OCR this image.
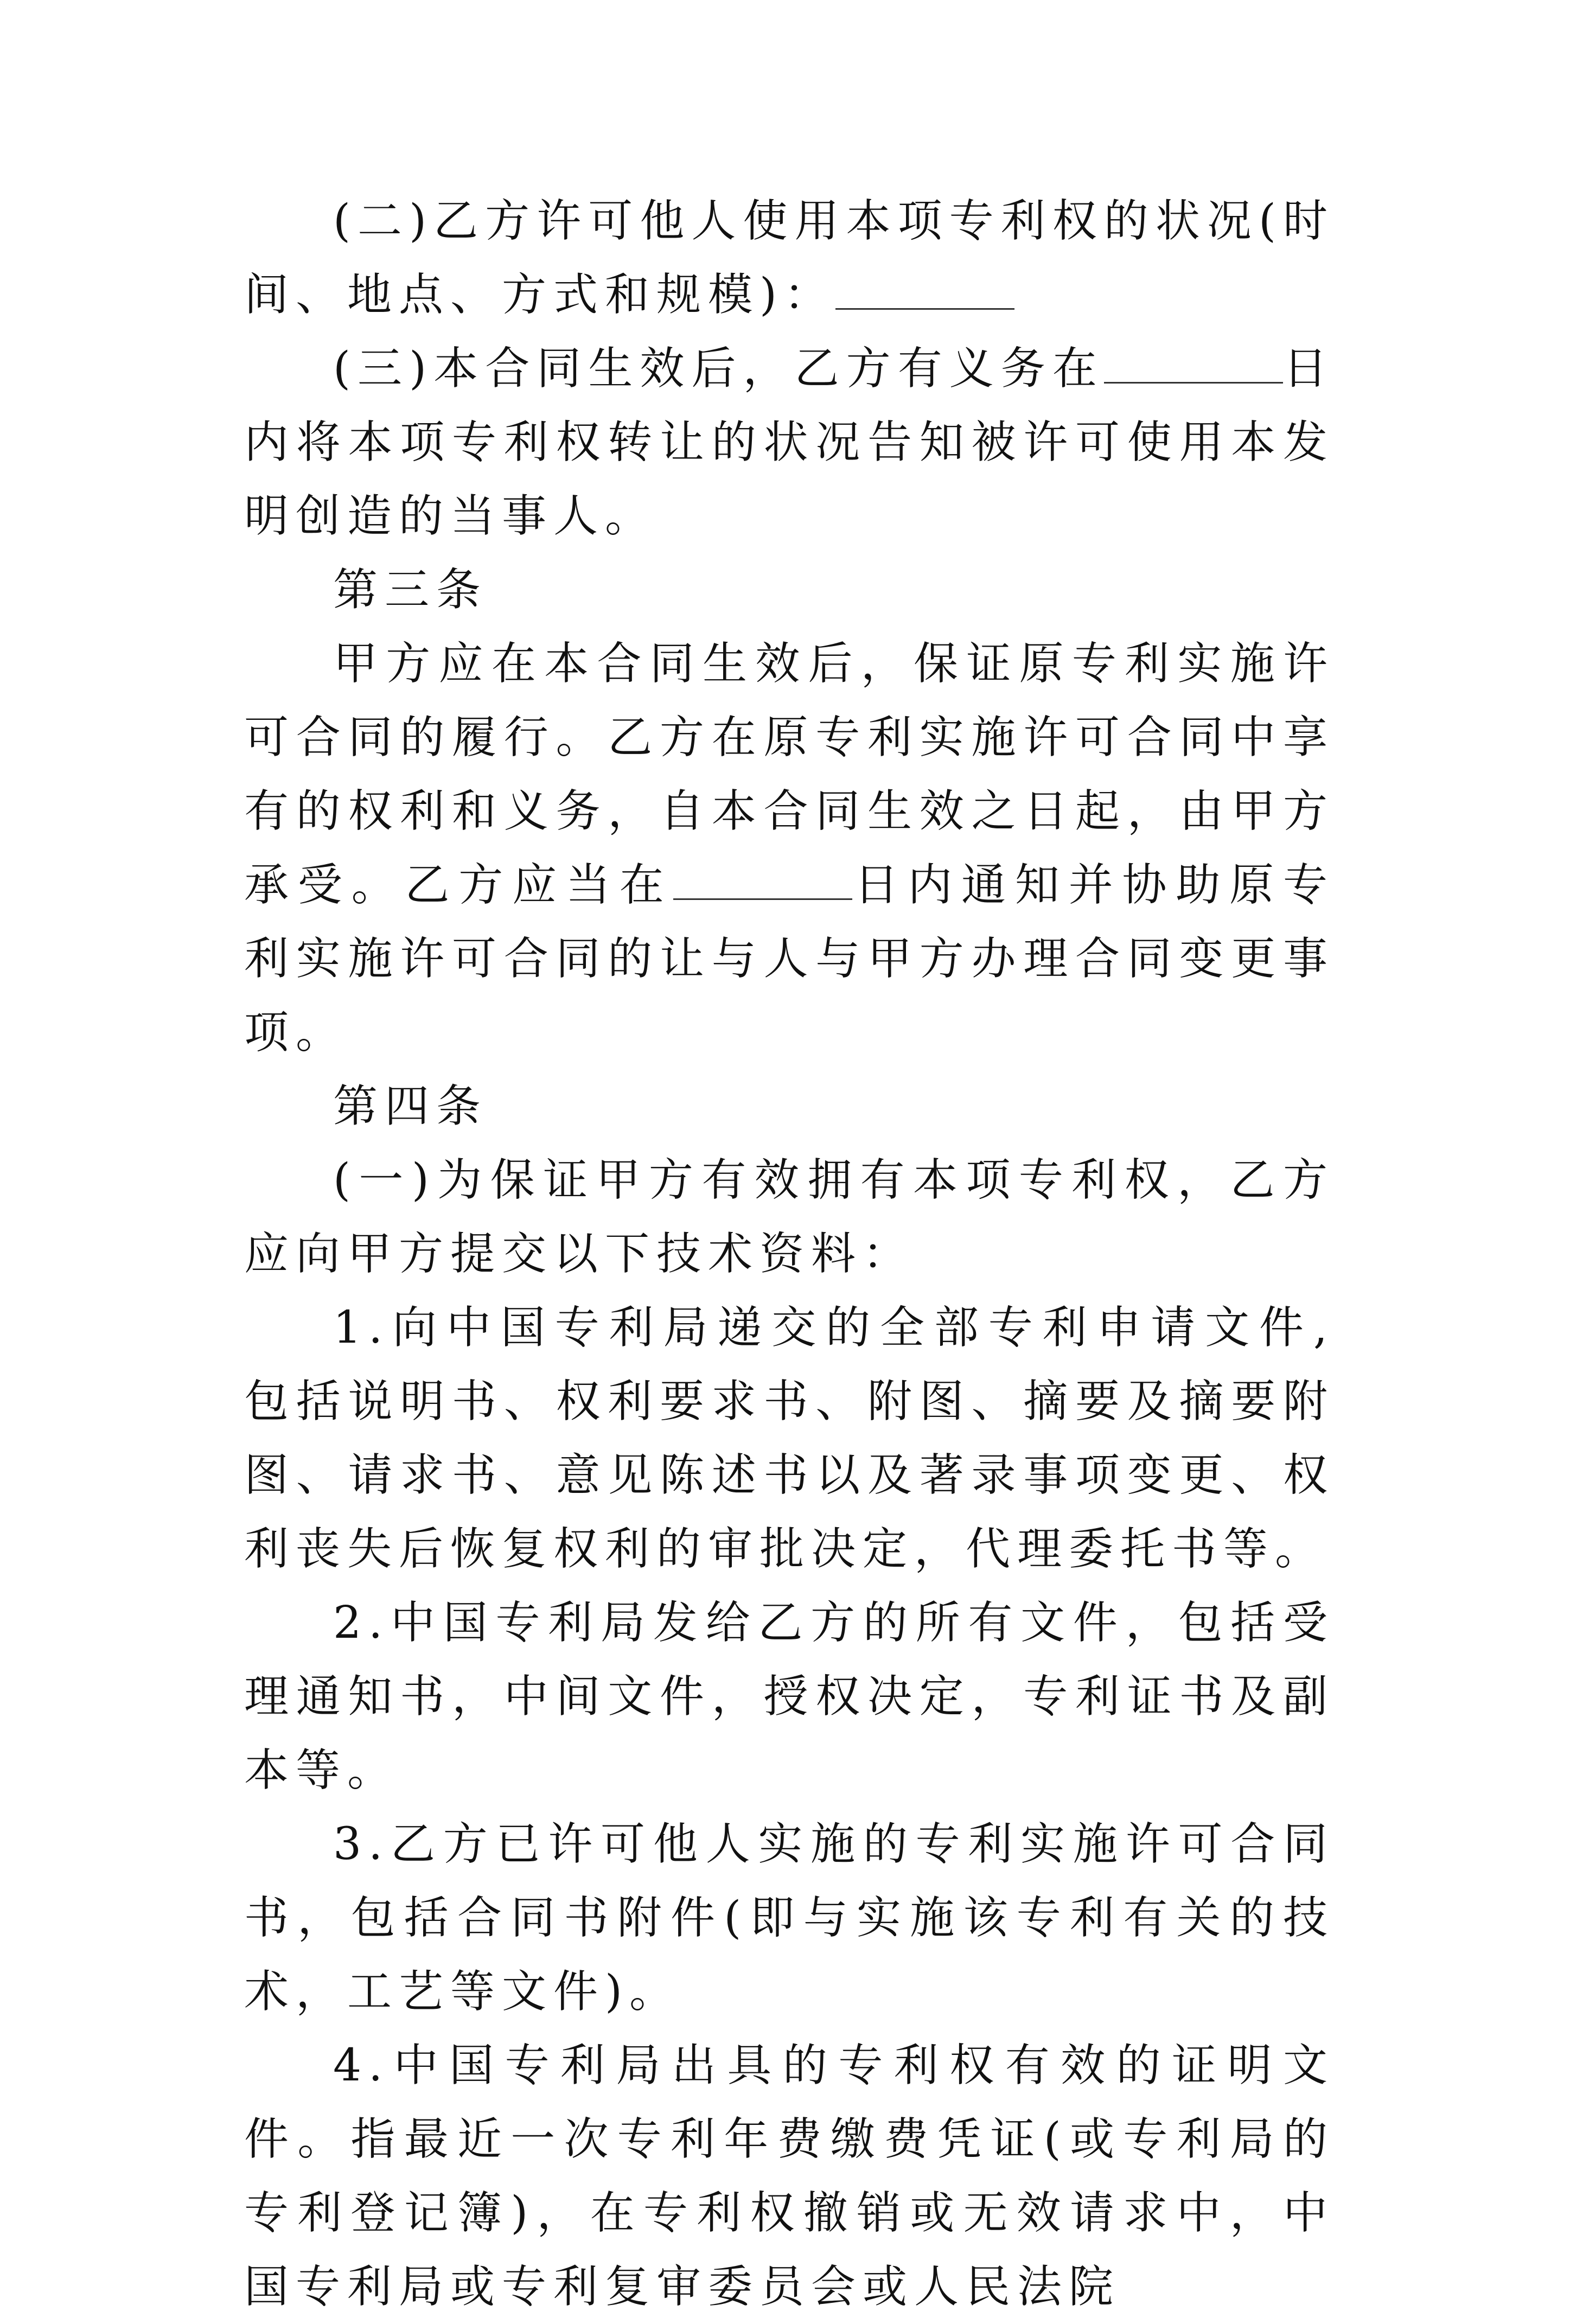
(二)乙方许可他人使用本项专利权的状况(时间、地点、方式和规模)：

(三)本合同生效后，乙方有义务在	日内将本项专利权转让的状况告知被许可使用本发明创造的当事人。

第三条

甲方应在本合同生效后，保证原专利实施许可合同的履行。乙方在原专利实施许可合同中享有的权利和义务，自本合同生效之日起，由甲方承受。乙方应当在	日内通知并协助原专利实施许可合同的让与人与甲方办理合同变更事项。

第四条

(一)为保证甲方有效拥有本项专利权，乙方应向甲方提交以下技术资料：

1.向中国专利局递交的全部专利申请文件,包括说明书、权利要求书、附图、摘要及摘要附图、请求书、意见陈述书以及著录事项变更、权利丧失后恢复权利的审批决定，代理委托书等。

2.中国专利局发给乙方的所有文件，包括受理通知书，中间文件，授权决定，专利证书及副本等。

3.乙方已许可他人实施的专利实施许可合同书，包括合同书附件(即与实施该专利有关的技术，工艺等文件)。

4.中国专利局出具的专利权有效的证明文件。指最近一次专利年费缴费凭证(或专利局的专利登记簿)，在专利权撤销或无效请求中，中国专利局或专利复审委员会或人民法院
